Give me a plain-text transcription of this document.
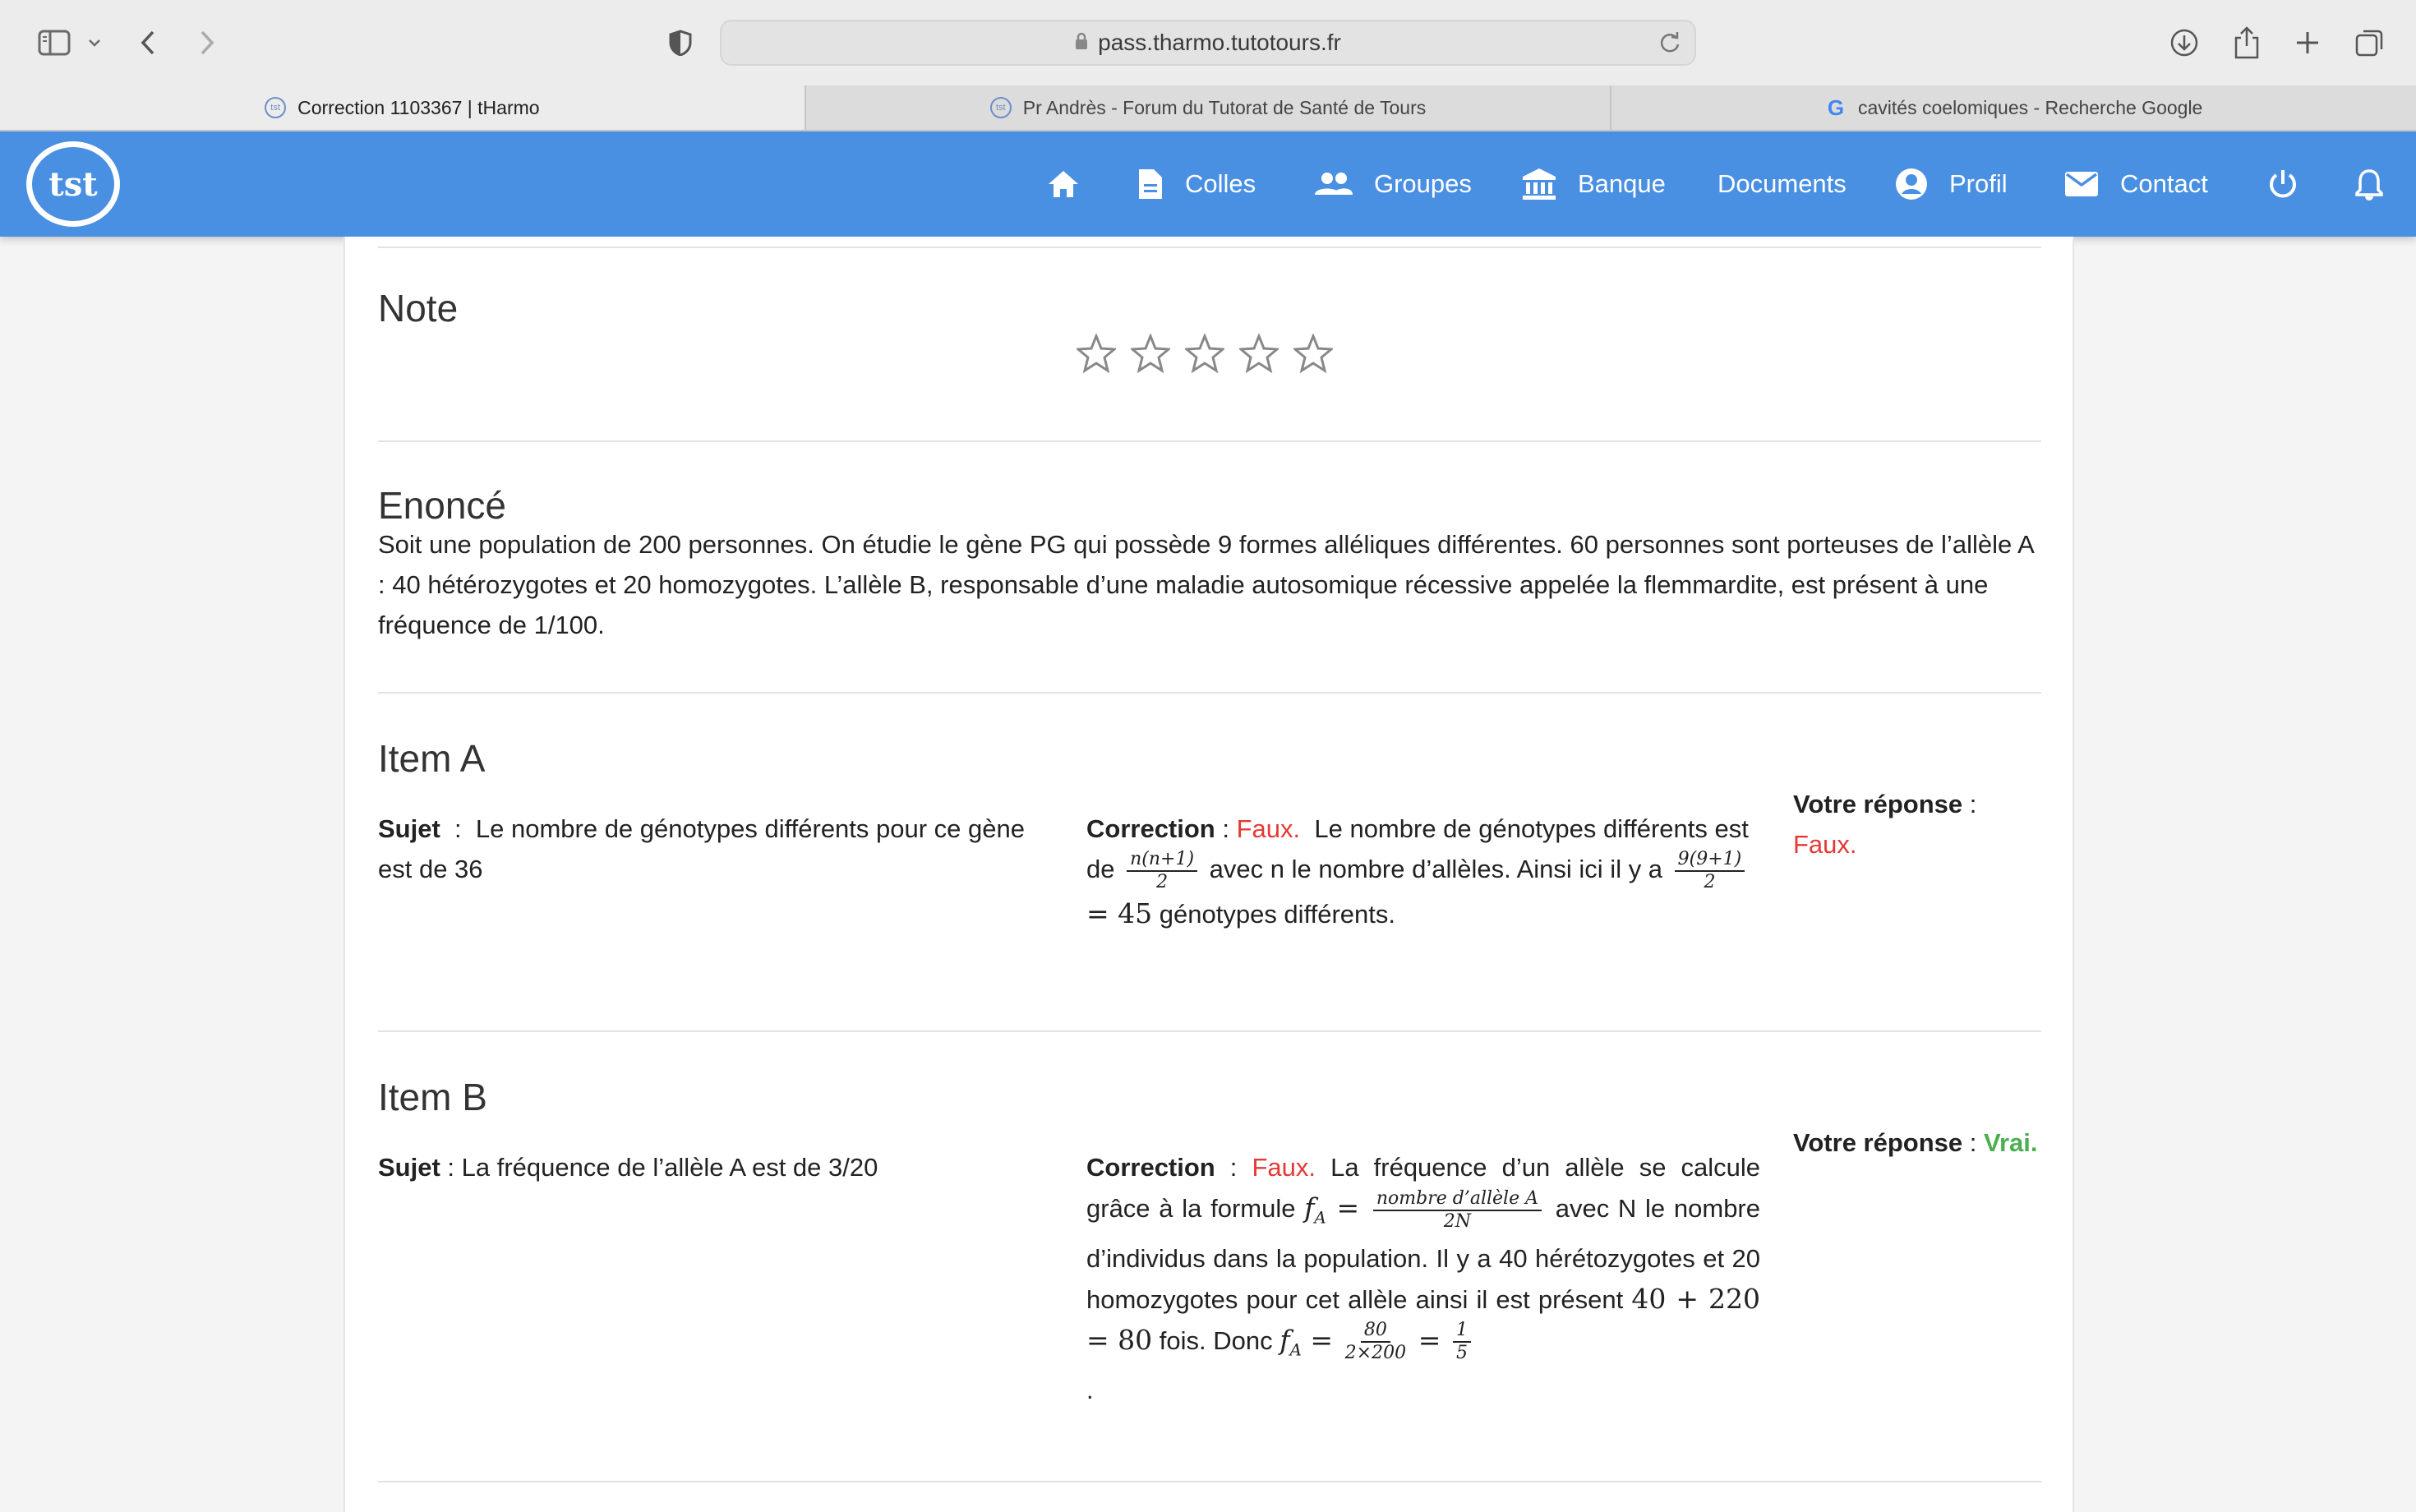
pass.tharmo.tutotours.fr
tst Correction 1103367 | tHarmo	tst Pr Andrès - Forum du Tutorat de Santé de Tours	G cavités coelomiques - Recherche Google
tst	Colles	Groupes	Banque Documents	Profil	Contact
Note
Enoncé
Soit une population de 200 personnes. On étudie le gène PG qui possède 9 formes alléliques différentes. 60 personnes sont porteuses de l’allèle A : 40 hétérozygotes et 20 homozygotes. L’allèle B, responsable d’une maladie autosomique récessive appelée la flemmardite, est présent à une fréquence de 1/100.
Item A
Sujet  :  Le nombre de génotypes différents pour ce gène est de 36
Correction : Faux. Le nombre de génotypes différents est de $\frac{n(n+1)}{2}$ avec n le nombre d’allèles. Ainsi ici il y a $\frac{9(9+1)}{2}$
= 45 génotypes différents.
Votre réponse :
Faux.
Item B
Sujet : La fréquence de l’allèle A est de 3/20	Correction : Faux. La fréquence d’un allèle se calcule grâce à la formule $f_A = \frac{\text{nombre d’allèle A}}{2N}$ avec N le nombre d’individus dans la population. Il y a 40 hérétozygotes et 20 homozygotes pour cet allèle ainsi il est présent 40 + 220 = 80 fois. Donc $f_A = \frac{80}{2\times 200} = \frac{1}{5}$

.
Votre réponse : Vrai.
